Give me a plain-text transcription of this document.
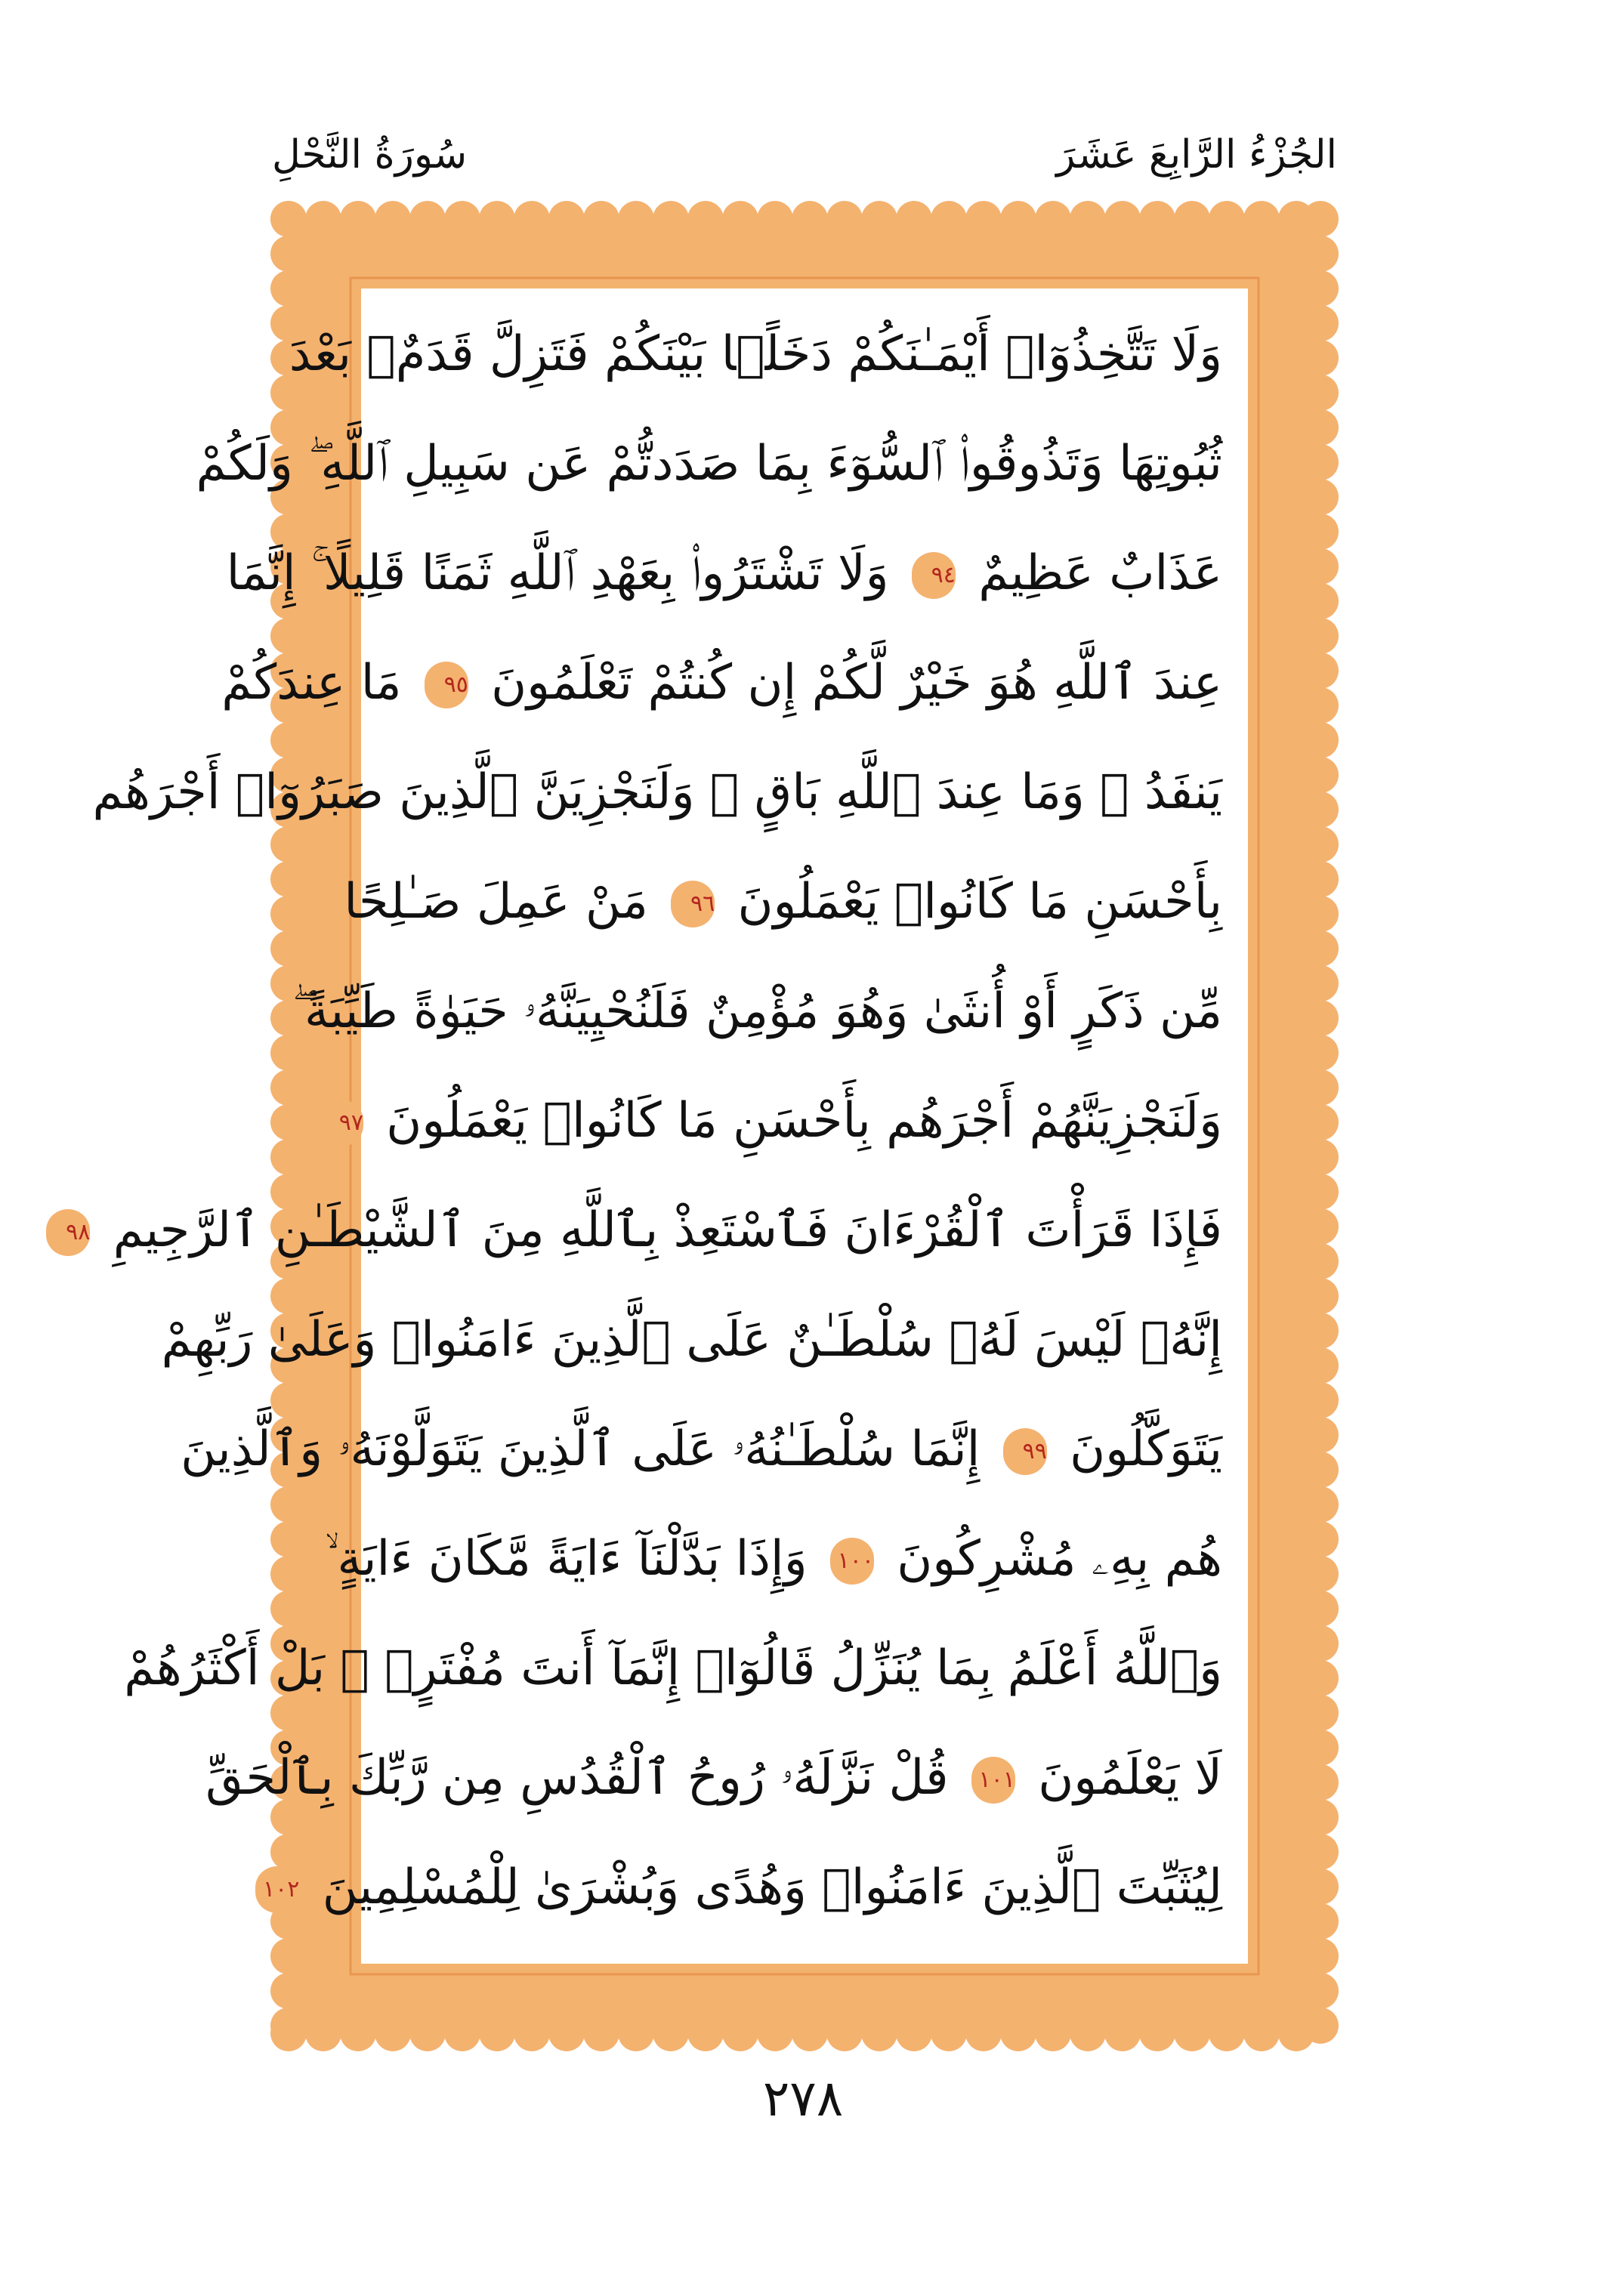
الجُزْءُ الرَّابِعَ عَشَرَ
سُورَةُ النَّحْلِ
وَلَا تَتَّخِذُوٓا۟ أَيْمَـٰنَكُمْ دَخَلًۢا بَيْنَكُمْ فَتَزِلَّ قَدَمٌۢ بَعْدَ
ثُبُوتِهَا وَتَذُوقُوا۟ ٱلسُّوٓءَ بِمَا صَدَدتُّمْ عَن سَبِيلِ ٱللَّهِ ۖ وَلَكُمْ
عَذَابٌ عَظِيمٌ ٩٤ وَلَا تَشْتَرُوا۟ بِعَهْدِ ٱللَّهِ ثَمَنًا قَلِيلًا ۚ إِنَّمَا
عِندَ ٱللَّهِ هُوَ خَيْرٌ لَّكُمْ إِن كُنتُمْ تَعْلَمُونَ ٩٥ مَا عِندَكُمْ
يَنفَدُ ۖ وَمَا عِندَ ٱللَّهِ بَاقٍ ۗ وَلَنَجْزِيَنَّ ٱلَّذِينَ صَبَرُوٓا۟ أَجْرَهُم
بِأَحْسَنِ مَا كَانُوا۟ يَعْمَلُونَ ٩٦ مَنْ عَمِلَ صَـٰلِحًا
مِّن ذَكَرٍ أَوْ أُنثَىٰ وَهُوَ مُؤْمِنٌ فَلَنُحْيِيَنَّهُۥ حَيَوٰةً طَيِّبَةً ۖ
وَلَنَجْزِيَنَّهُمْ أَجْرَهُم بِأَحْسَنِ مَا كَانُوا۟ يَعْمَلُونَ ٩٧
فَإِذَا قَرَأْتَ ٱلْقُرْءَانَ فَٱسْتَعِذْ بِٱللَّهِ مِنَ ٱلشَّيْطَـٰنِ ٱلرَّجِيمِ ٩٨
إِنَّهُۥ لَيْسَ لَهُۥ سُلْطَـٰنٌ عَلَى ٱلَّذِينَ ءَامَنُوا۟ وَعَلَىٰ رَبِّهِمْ
يَتَوَكَّلُونَ ٩٩ إِنَّمَا سُلْطَـٰنُهُۥ عَلَى ٱلَّذِينَ يَتَوَلَّوْنَهُۥ وَٱلَّذِينَ
هُم بِهِۦ مُشْرِكُونَ ١٠٠ وَإِذَا بَدَّلْنَآ ءَايَةً مَّكَانَ ءَايَةٍ ۙ
وَٱللَّهُ أَعْلَمُ بِمَا يُنَزِّلُ قَالُوٓا۟ إِنَّمَآ أَنتَ مُفْتَرٍۭ ۚ بَلْ أَكْثَرُهُمْ
لَا يَعْلَمُونَ ١٠١ قُلْ نَزَّلَهُۥ رُوحُ ٱلْقُدُسِ مِن رَّبِّكَ بِٱلْحَقِّ
لِيُثَبِّتَ ٱلَّذِينَ ءَامَنُوا۟ وَهُدًى وَبُشْرَىٰ لِلْمُسْلِمِينَ ١٠٢
٢٧٨
